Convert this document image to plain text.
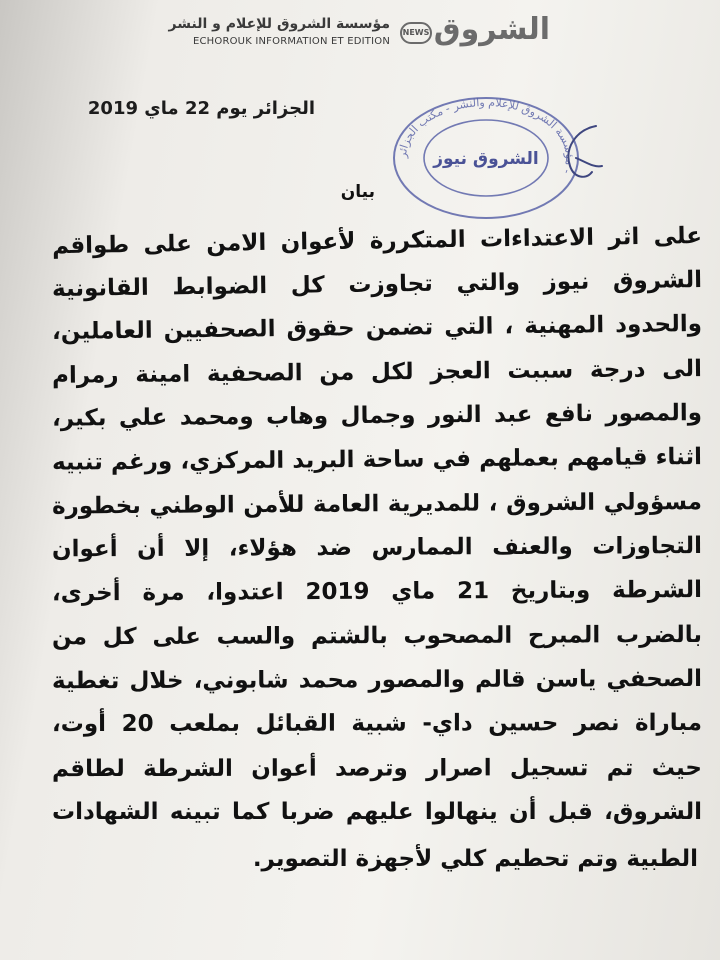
الشروق
NEWS
مؤسسة الشروق للإعلام و النشر
ECHOROUK INFORMATION ET EDITION
الجزائر يوم 22 ماي 2019
مؤسسة الشروق للإعلام والنشر - مكتب الجزائر -
الشروق نيوز
بيان
على اثر الاعتداءات المتكررة لأعوان الامن على طواقم
الشروق نيوز والتي تجاوزت كل الضوابط القانونية
والحدود المهنية ، التي تضمن حقوق الصحفيين العاملين،
الى درجة سببت العجز لكل من الصحفية امينة رمرام
والمصور نافع عبد النور وجمال وهاب ومحمد علي بكير،
اثناء قيامهم بعملهم في ساحة البريد المركزي، ورغم تنبيه
مسؤولي الشروق ، للمديرية العامة للأمن الوطني بخطورة
التجاوزات والعنف الممارس ضد هؤلاء، إلا أن أعوان
الشرطة وبتاريخ 21 ماي 2019 اعتدوا، مرة أخرى،
بالضرب المبرح المصحوب بالشتم والسب على كل من
الصحفي ياسن قالم والمصور محمد شابوني، خلال تغطية
مباراة نصر حسين داي- شبية القبائل بملعب 20 أوت،
حيث تم تسجيل اصرار وترصد أعوان الشرطة لطاقم
الشروق، قبل أن ينهالوا عليهم ضربا كما تبينه الشهادات
الطبية وتم تحطيم كلي لأجهزة التصوير.
